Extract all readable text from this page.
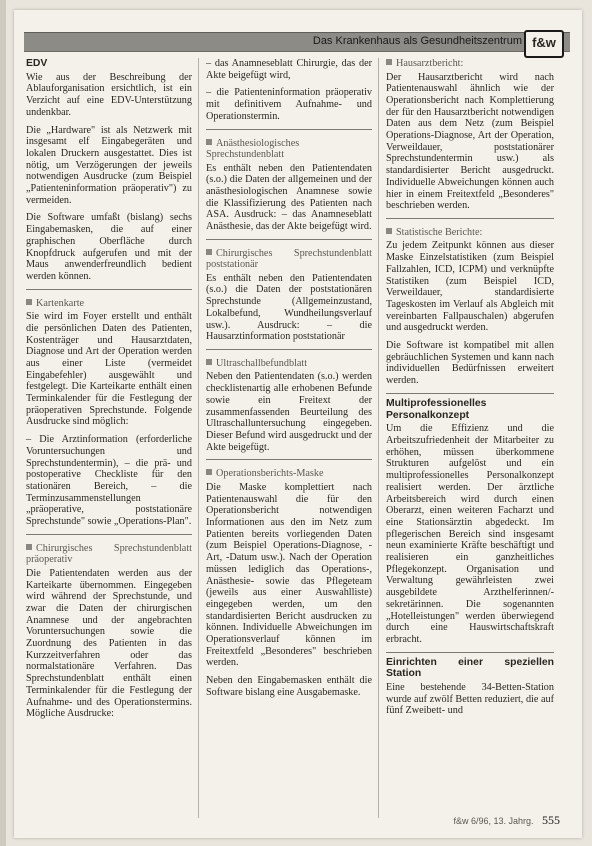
Das Krankenhaus als Gesundheitszentrum f&w
EDV

Wie aus der Beschreibung der Ablauforganisation ersichtlich, ist ein Verzicht auf eine EDV-Unterstützung undenkbar.

Die „Hardware" ist als Netzwerk mit insgesamt elf Eingabegeräten und lokalen Druckern ausgestattet. Dies ist nötig, um Verzögerungen der jeweils notwendigen Ausdrucke (zum Beispiel „Patienteninformation präoperativ") zu vermeiden.

Die Software umfaßt (bislang) sechs Eingabemasken, die auf einer graphischen Oberfläche durch Knopfdruck aufgerufen und mit der Maus anwenderfreundlich bedient werden können.

Kartenkarte

Sie wird im Foyer erstellt und enthält die persönlichen Daten des Patienten, Kostenträger und Hausarztdaten, Diagnose und Art der Operation werden aus einer Liste (vermeidet Eingabefehler) ausgewählt und festgelegt. Die Karteikarte enthält einen Terminkalender für die Festlegung der präoperativen Sprechstunde. Folgende Ausdrucke sind möglich:

– Die Arztinformation (erforderliche Voruntersuchungen und Sprechstundentermin), – die prä- und postoperative Checkliste für den stationären Bereich, – die Terminzusammenstellungen „präoperative, poststationäre Sprechstunde" sowie „Operations-Plan".

Chirurgisches Sprechstundenblatt präoperativ

Die Patientendaten werden aus der Karteikarte übernommen. Eingegeben wird während der Sprechstunde, und zwar die Daten der chirurgischen Anamnese und der angebrachten Voruntersuchungen sowie die Zuordnung des Patienten in das Kurzzeitverfahren oder das normalstationäre Verfahren. Das Sprechstundenblatt enthält einen Terminkalender für die Festlegung der Aufnahme- und des Operationstermins. Mögliche Ausdrucke:

– das Anamneseblatt Chirurgie, das der Akte beigefügt wird,

– die Patienteninformation präoperativ mit definitivem Aufnahme- und Operationstermin.

Anästhesiologisches Sprechstundenblatt

Es enthält neben den Patientendaten (s.o.) die Daten der allgemeinen und der anästhesiologischen Anamnese sowie die Klassifizierung des Patienten nach ASA. Ausdruck: – das Anamneseblatt Anästhesie, das der Akte beigefügt wird.

Chirurgisches Sprechstundenblatt poststationär

Es enthält neben den Patientendaten (s.o.) die Daten der poststationären Sprechstunde (Allgemeinzustand, Lokalbefund, Wundheilungsverlauf usw.). Ausdruck: – die Hausarztinformation poststationär

Ultraschallbefundblatt

Neben den Patientendaten (s.o.) werden checklistenartig alle erhobenen Befunde sowie ein Freitext der zusammenfassenden Beurteilung des Ultraschalluntersuchung eingegeben. Dieser Befund wird ausgedruckt und der Akte beigefügt.

Operationsberichts-Maske

Die Maske komplettiert nach Patientenauswahl die für den Operationsbericht notwendigen Informationen aus den im Netz zum Patienten bereits vorliegenden Daten (zum Beispiel Operations-Diagnose, -Art, -Datum usw.). Nach der Operation müssen lediglich das Operations-, Anästhesie- sowie das Pflegeteam (jeweils aus einer Auswahlliste) eingegeben werden, um den standardisierten Bericht ausdrucken zu können. Individuelle Abweichungen im Operationsverlauf können im Freitextfeld „Besonderes" beschrieben werden.

Neben den Eingabemasken enthält die Software bislang eine Ausgabemaske.

Hausarztbericht:

Der Hausarztbericht wird nach Patientenauswahl ähnlich wie der Operationsbericht nach Komplettierung der für den Hausarztbericht notwendigen Daten aus dem Netz (zum Beispiel Operations-Diagnose, Art der Operation, Verweildauer, poststationärer Sprechstundentermin usw.) als standardisierter Bericht ausgedruckt. Individuelle Abweichungen können auch hier in einem Freitextfeld „Besonderes" beschrieben werden.

Statistische Berichte:

Zu jedem Zeitpunkt können aus dieser Maske Einzelstatistiken (zum Beispiel Fallzahlen, ICD, ICPM) und verknüpfte Statistiken (zum Beispiel ICD, Verweildauer, standardisierte Tageskosten im Verlauf als Abgleich mit vereinbarten Fallpauschalen) abgerufen und ausgedruckt werden.

Die Software ist kompatibel mit allen gebräuchlichen Systemen und kann nach individuellen Bedürfnissen erweitert werden.

Multiprofessionelles Personalkonzept

Um die Effizienz und die Arbeitszufriedenheit der Mitarbeiter zu erhöhen, müssen überkommene Strukturen aufgelöst und ein multiprofessionelles Personalkonzept realisiert werden. Der ärztliche Arbeitsbereich wird durch einen Oberarzt, einen weiteren Facharzt und eine Stationsärztin abgedeckt. Im pflegerischen Bereich sind insgesamt neun examinierte Kräfte beschäftigt und realisieren ein ganzheitliches Pflegekonzept. Organisation und Verwaltung gewährleisten zwei ausgebildete Arzthelferinnen/-sekretärinnen. Die sogenannten „Hotelleistungen" werden überwiegend durch eine Hauswirtschaftskraft erbracht.

Einrichten einer speziellen Station

Eine bestehende 34-Betten-Station wurde auf zwölf Betten reduziert, die auf fünf Zweibett- und

f&w 6/96, 13. Jahrg. 555
